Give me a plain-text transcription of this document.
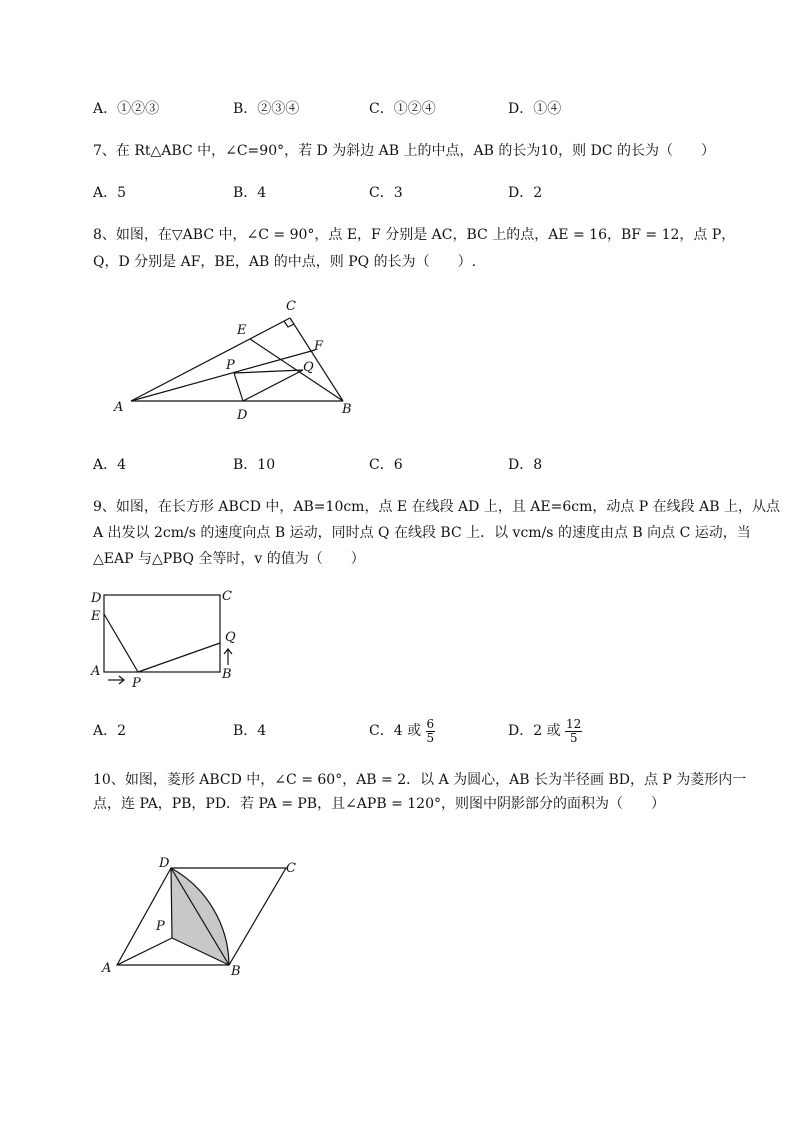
A．①②③	B．②③④	C．①②④	D．①④
7、在 Rt△ABC 中，∠C=90°，若 D 为斜边 AB 上的中点，AB 的长为10，则 DC 的长为（　　）
A．5	B．4	C．3	D．2
8、如图，在▽ABC 中，∠C = 90°，点 E，F 分别是 AC，BC 上的点，AE = 16，BF = 12，点 P，
Q，D 分别是 AF，BE，AB 的中点，则 PQ 的长为（　　）.
A	B
C
D
E
F
P	Q
A．4	B．10	C．6	D．8
9、如图，在长方形 ABCD 中，AB=10cm，点 E 在线段 AD 上，且 AE=6cm，动点 P 在线段 AB 上，从点
A 出发以 2cm/s 的速度向点 B 运动，同时点 Q 在线段 BC 上．以 vcm/s 的速度由点 B 向点 C 运动，当
△EAP 与△PBQ 全等时，v 的值为（　　）
D
E
A	B
C
P
Q
A．2	B．4	C．4 或 $\frac{6}{5}$	D．2 或 $\frac{12}{5}$
10、如图，菱形 ABCD 中，∠C = 60°，AB = 2．以 A 为圆心，AB 长为半径画 BD，点 P 为菱形内一
点，连 PA，PB，PD．若 PA = PB，且∠APB = 120°，则图中阴影部分的面积为（　　）
A	B
C
D
P
